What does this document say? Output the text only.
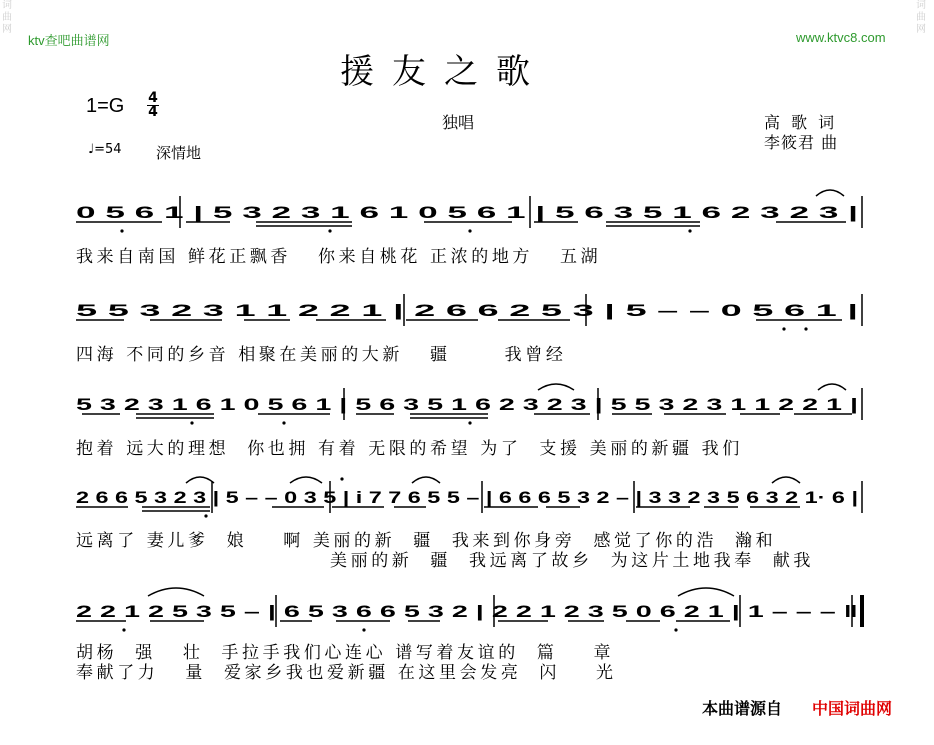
词
曲
网
词
曲
网
ktv查吧曲谱网	www.ktvc8.com
援友之歌
1=G 4
4
♩=54 深情地
独唱	高 歌 词
李筱君 曲
0 5 6 1 | 5 3 2 3 1 6 1 0 5 6 1 | 5 6 3 5 1 6 2 3 2 3 |
5 5 3 2 3 1 1 2 2 1 | 2 6 6 2 5 3 | 5 – – 0 5 6 1 |
5 3 2 3 1 6 1 0 5 6 1 | 5 6 3 5 1 6 2 3 2 3 | 5 5 3 2 3 1 1 2 2 1 |
2 6 6 5 3 2 3 | 5 – – 0 3 5 | i 7 7 6 5 5 – | 6 6 6 5 3 2 – | 3 3 2 3 5 6 3 2 1· 6 |
2 2 1 2 5 3 5 – | 6 5 3 6 6 5 3 2 | 2 2 1 2 3 5 0 6 2 1 | 1 – – – ‖
我来自南国 鲜花正飘香   你来自桃花 正浓的地方   五湖
四海 不同的乡音 相聚在美丽的大新   疆      我曾经
抱着 远大的理想  你也拥 有着 无限的希望 为了  支援 美丽的新疆 我们
远离了 妻儿爹  娘    啊 美丽的新  疆  我来到你身旁  感觉了你的浩  瀚和
美丽的新  疆  我远离了故乡  为这片土地我奉  献我
胡杨  强   壮  手拉手我们心连心 谱写着友谊的  篇    章
奉献了力   量  爱家乡我也爱新疆 在这里会发亮  闪    光
本曲谱源自 中国词曲网
